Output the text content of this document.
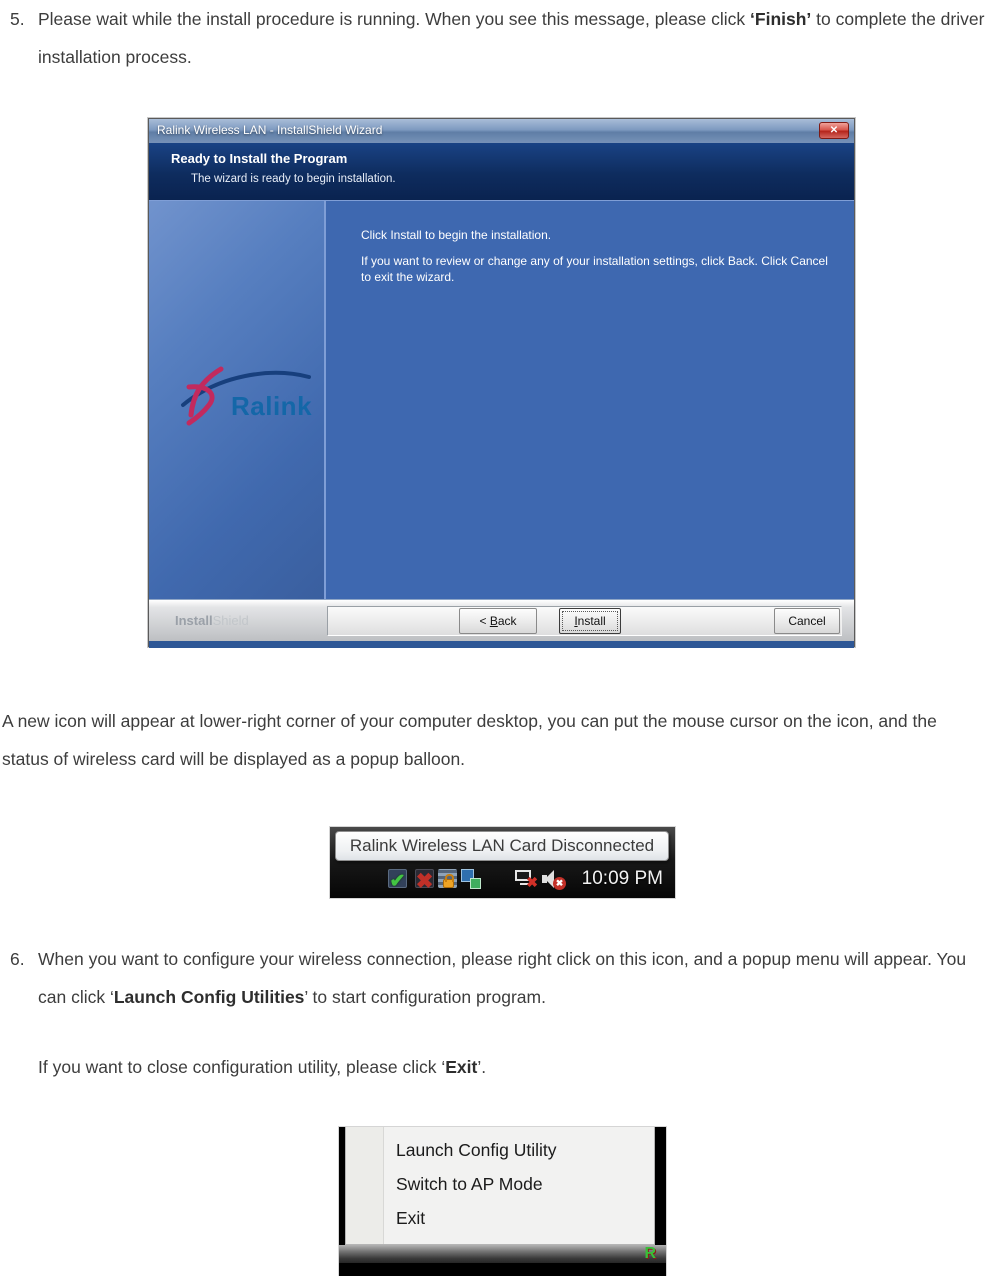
5. Please wait while the install procedure is running. When you see this message, please click ‘Finish’ to complete the driver installation process.
Ralink Wireless LAN - InstallShield Wizard	✕
Ready to Install the Program
The wizard is ready to begin installation.
Ralink
Click Install to begin the installation.
If you want to review or change any of your installation settings, click Back. Click Cancel to exit the wizard.
InstallShield	< Back	Install	Cancel
A new icon will appear at lower-right corner of your computer desktop, you can put the mouse cursor on the icon, and the status of wireless card will be displayed as a popup balloon.
Ralink Wireless LAN Card Disconnected
✔ ✖	✖	✖ 10:09 PM
6. When you want to configure your wireless connection, please right click on this icon, and a popup menu will appear. You can click ‘Launch Config Utilities’ to start configuration program.
If you want to close configuration utility, please click ‘Exit’.
Launch Config Utility
Switch to AP Mode
Exit
R
